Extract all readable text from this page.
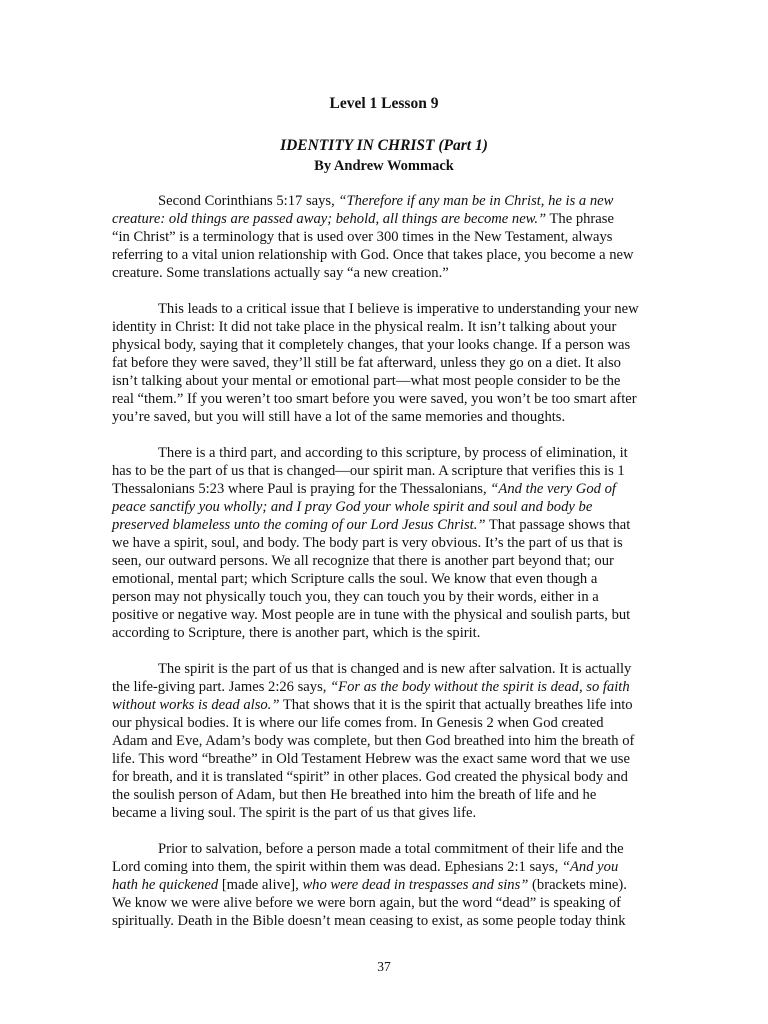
Level 1 Lesson 9
IDENTITY IN CHRIST (Part 1)
By Andrew Wommack
Second Corinthians 5:17 says, “Therefore if any man be in Christ, he is a new
creature: old things are passed away; behold, all things are become new.” The phrase
“in Christ” is a terminology that is used over 300 times in the New Testament, always
referring to a vital union relationship with God. Once that takes place, you become a new
creature. Some translations actually say “a new creation.”
This leads to a critical issue that I believe is imperative to understanding your new
identity in Christ: It did not take place in the physical realm. It isn’t talking about your
physical body, saying that it completely changes, that your looks change. If a person was
fat before they were saved, they’ll still be fat afterward, unless they go on a diet. It also
isn’t talking about your mental or emotional part—what most people consider to be the
real “them.” If you weren’t too smart before you were saved, you won’t be too smart after
you’re saved, but you will still have a lot of the same memories and thoughts.
There is a third part, and according to this scripture, by process of elimination, it
has to be the part of us that is changed—our spirit man. A scripture that verifies this is 1
Thessalonians 5:23 where Paul is praying for the Thessalonians, “And the very God of
peace sanctify you wholly; and I pray God your whole spirit and soul and body be
preserved blameless unto the coming of our Lord Jesus Christ.” That passage shows that
we have a spirit, soul, and body. The body part is very obvious. It’s the part of us that is
seen, our outward persons. We all recognize that there is another part beyond that; our
emotional, mental part; which Scripture calls the soul. We know that even though a
person may not physically touch you, they can touch you by their words, either in a
positive or negative way. Most people are in tune with the physical and soulish parts, but
according to Scripture, there is another part, which is the spirit.
The spirit is the part of us that is changed and is new after salvation. It is actually
the life-giving part. James 2:26 says, “For as the body without the spirit is dead, so faith
without works is dead also.” That shows that it is the spirit that actually breathes life into
our physical bodies. It is where our life comes from. In Genesis 2 when God created
Adam and Eve, Adam’s body was complete, but then God breathed into him the breath of
life. This word “breathe” in Old Testament Hebrew was the exact same word that we use
for breath, and it is translated “spirit” in other places. God created the physical body and
the soulish person of Adam, but then He breathed into him the breath of life and he
became a living soul. The spirit is the part of us that gives life.
Prior to salvation, before a person made a total commitment of their life and the
Lord coming into them, the spirit within them was dead. Ephesians 2:1 says, “And you
hath he quickened [made alive], who were dead in trespasses and sins” (brackets mine).
We know we were alive before we were born again, but the word “dead” is speaking of
spiritually. Death in the Bible doesn’t mean ceasing to exist, as some people today think
37
